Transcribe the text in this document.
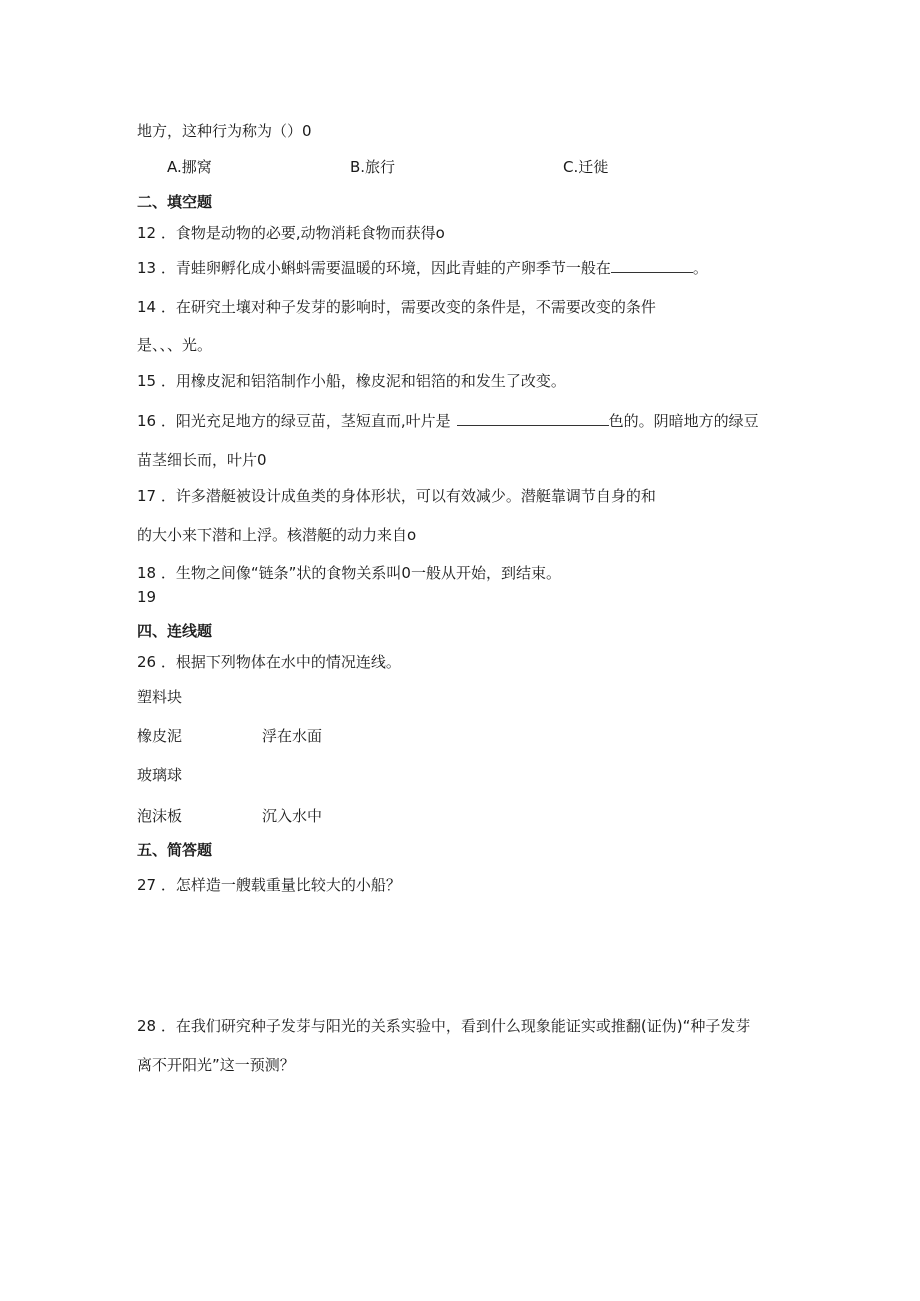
地方，这种行为称为（）0
A.挪窝	B.旅行	C.迁徙
二、填空题
12 ．食物是动物的必要,动物消耗食物而获得o
13 ．青蛙卵孵化成小蝌蚪需要温暖的环境，因此青蛙的产卵季节一般在	。
14 ．在研究土壤对种子发芽的影响时，需要改变的条件是，不需要改变的条件
是、、、光。
15 ．用橡皮泥和铝箔制作小船，橡皮泥和铝箔的和发生了改变。
16 ．阳光充足地方的绿豆苗，茎短直而,叶片是	色的。阴暗地方的绿豆
苗茎细长而，叶片0
17 ．许多潜艇被设计成鱼类的身体形状，可以有效减少。潜艇靠调节自身的和
的大小来下潜和上浮。核潜艇的动力来自o
18 ．生物之间像“链条”状的食物关系叫0一般从开始，到结束。
19
四、连线题
26 ．根据下列物体在水中的情况连线。
塑料块
橡皮泥	浮在水面
玻璃球
泡沫板	沉入水中
五、简答题
27 ．怎样造一艘载重量比较大的小船？
28 ．在我们研究种子发芽与阳光的关系实验中，看到什么现象能证实或推翻(证伪)“种子发芽
离不开阳光”这一预测？
